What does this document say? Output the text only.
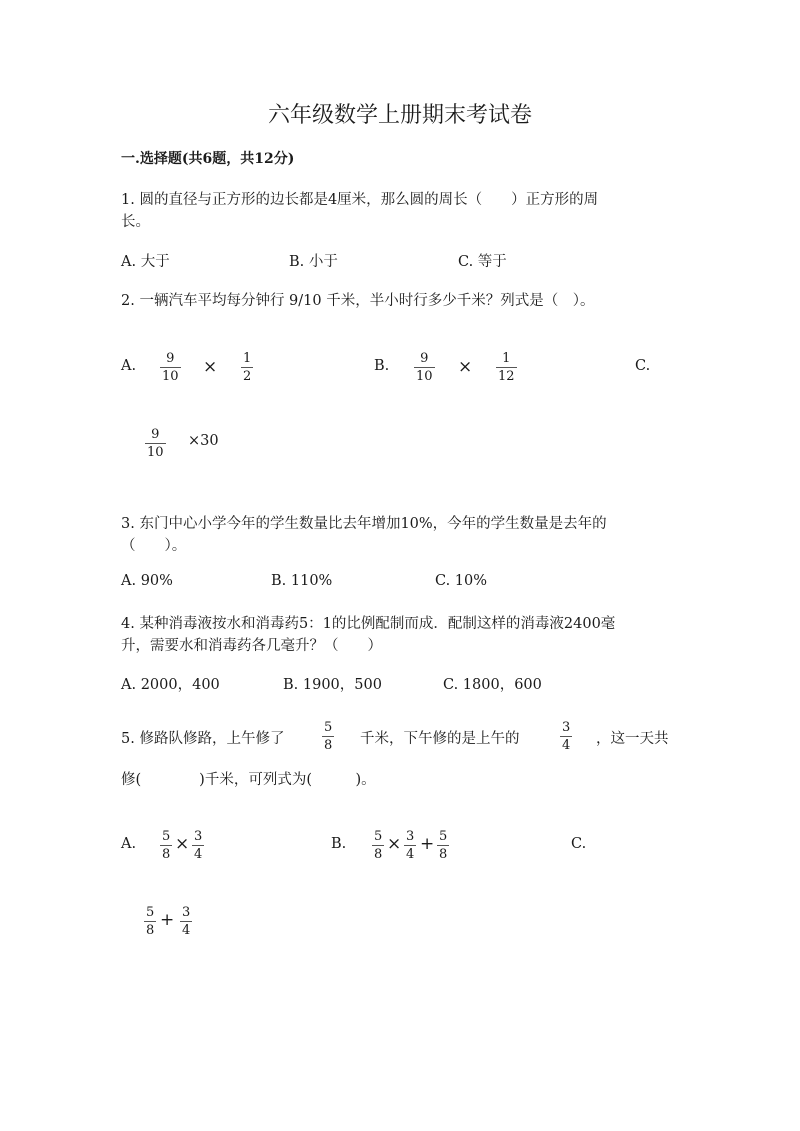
六年级数学上册期末考试卷
一.选择题(共6题，共12分)
1. 圆的直径与正方形的边长都是4厘米，那么圆的周长（　　）正方形的周
长。
A. 大于	B. 小于	C. 等于
2. 一辆汽车平均每分钟行 9/10 千米，半小时行多少千米？列式是（　）。
A. 9
10 × 1
2
B. 9
10 × 1
12
C.
9
10
×30
3. 东门中心小学今年的学生数量比去年增加10%，今年的学生数量是去年的
（　　）。
A. 90%	B. 110%	C. 10%
4. 某种消毒液按水和消毒药5：1的比例配制而成．配制这样的消毒液2400毫
升，需要水和消毒药各几毫升？（　　）
A. 2000，400	B. 1900，500	C. 1800，600
5. 修路队修路，上午修了
5
8 千米，下午修的是上午的
3
4 ，这一天共
修(　　　　)千米，可列式为(　　　)。
A. 5
8
× 3
4
B. 5
8
× 3
4
+ 5
8
C.
5
8
+ 3
4
